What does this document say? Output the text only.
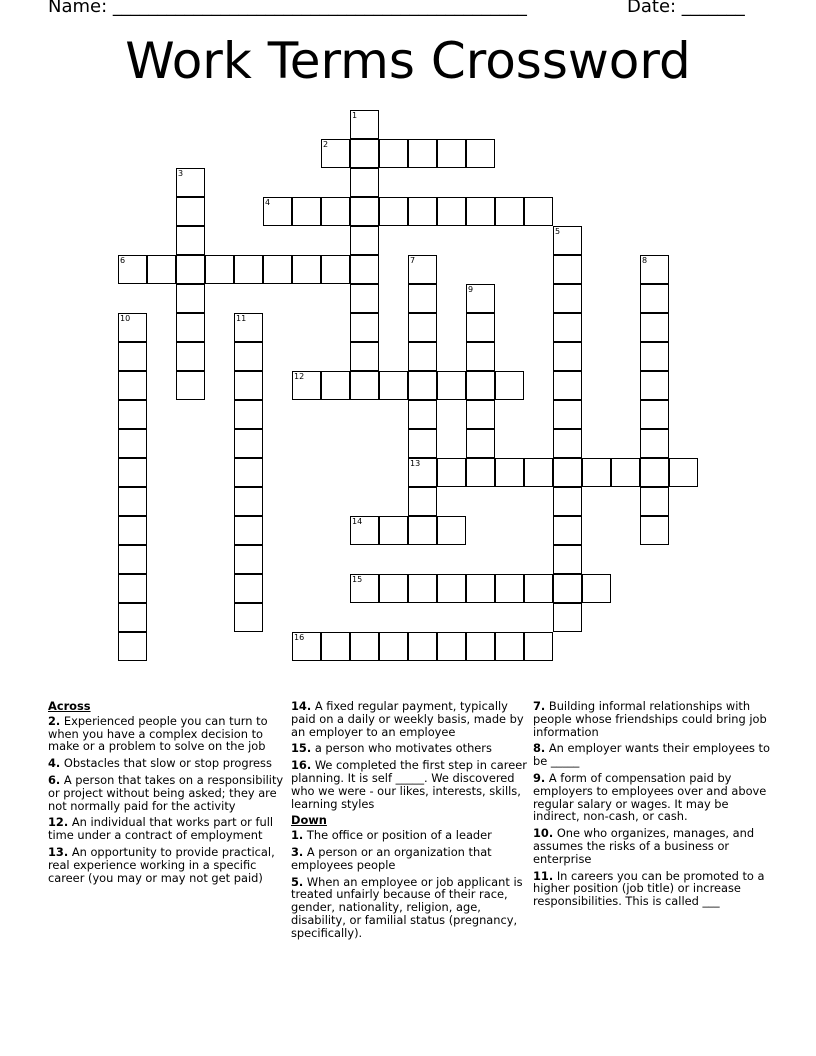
Name: ______________________________________________	Date: _______
Work Terms Crossword
1
2
3
4
5
6	7
13
8
9
10	11
12
14
15
16
Across
2. Experienced people you can turn to when you have a complex decision to make or a problem to solve on the job
4. Obstacles that slow or stop progress
6. A person that takes on a responsibility or project without being asked; they are not normally paid for the activity
12. An individual that works part or full time under a contract of employment
13. An opportunity to provide practical, real experience working in a specific career (you may or may not get paid)
14. A fixed regular payment, typically paid on a daily or weekly basis, made by an employer to an employee
15. a person who motivates others
16. We completed the first step in career planning. It is self _____. We discovered who we were - our likes, interests, skills, learning styles
Down
1. The office or position of a leader
3. A person or an organization that employees people
5. When an employee or job applicant is treated unfairly because of their race, gender, nationality, religion, age, disability, or familial status (pregnancy, specifically).
7. Building informal relationships with people whose friendships could bring job information
8. An employer wants their employees to be _____
9. A form of compensation paid by employers to employees over and above regular salary or wages. It may be indirect, non-cash, or cash.
10. One who organizes, manages, and assumes the risks of a business or enterprise
11. In careers you can be promoted to a higher position (job title) or increase responsibilities. This is called ___
